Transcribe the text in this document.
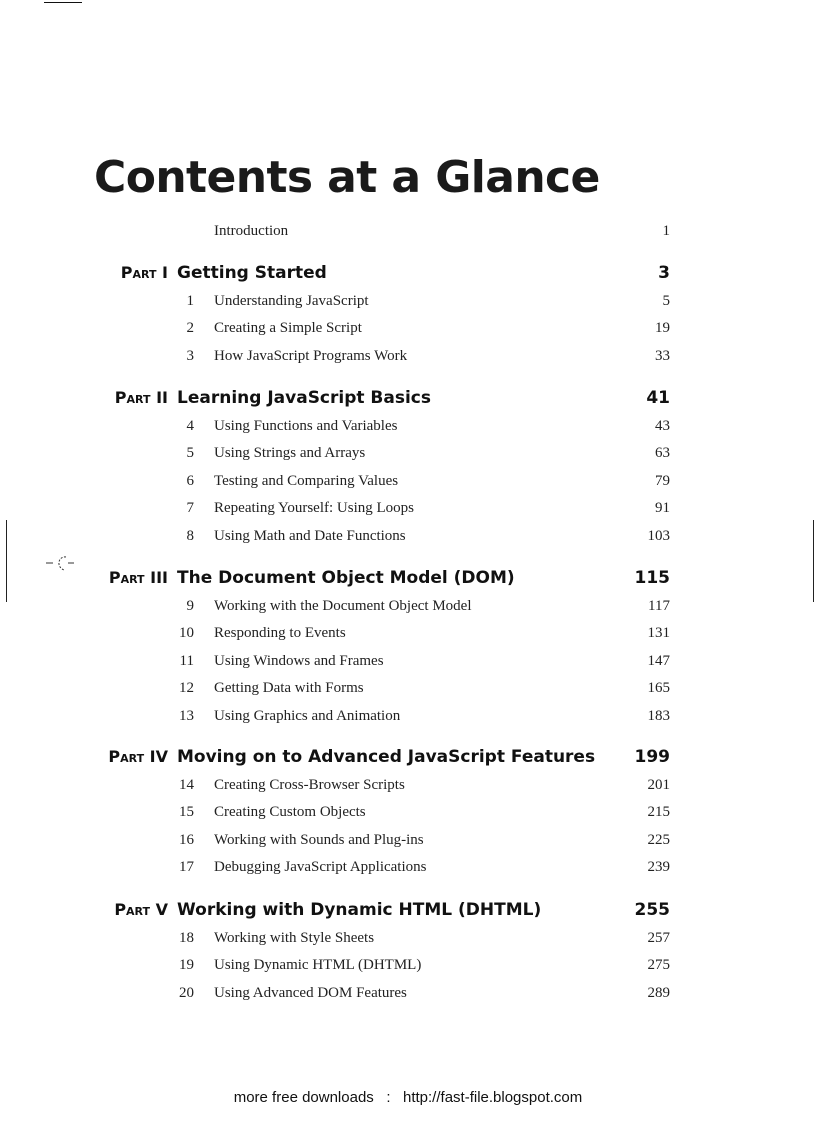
Contents at a Glance
Introduction	1
Part I Getting Started	3
1 Understanding JavaScript	5
2 Creating a Simple Script	19
3 How JavaScript Programs Work	33
Part II Learning JavaScript Basics	41
4 Using Functions and Variables	43
5 Using Strings and Arrays	63
6 Testing and Comparing Values	79
7 Repeating Yourself: Using Loops	91
8 Using Math and Date Functions	103
Part III The Document Object Model (DOM)	115
9 Working with the Document Object Model	117
10 Responding to Events	131
11 Using Windows and Frames	147
12 Getting Data with Forms	165
13 Using Graphics and Animation	183
Part IV Moving on to Advanced JavaScript Features 199
14 Creating Cross-Browser Scripts	201
15 Creating Custom Objects	215
16 Working with Sounds and Plug-ins	225
17 Debugging JavaScript Applications	239
Part V Working with Dynamic HTML (DHTML)	255
18 Working with Style Sheets	257
19 Using Dynamic HTML (DHTML)	275
20 Using Advanced DOM Features	289
more free downloads : http://fast-file.blogspot.com
